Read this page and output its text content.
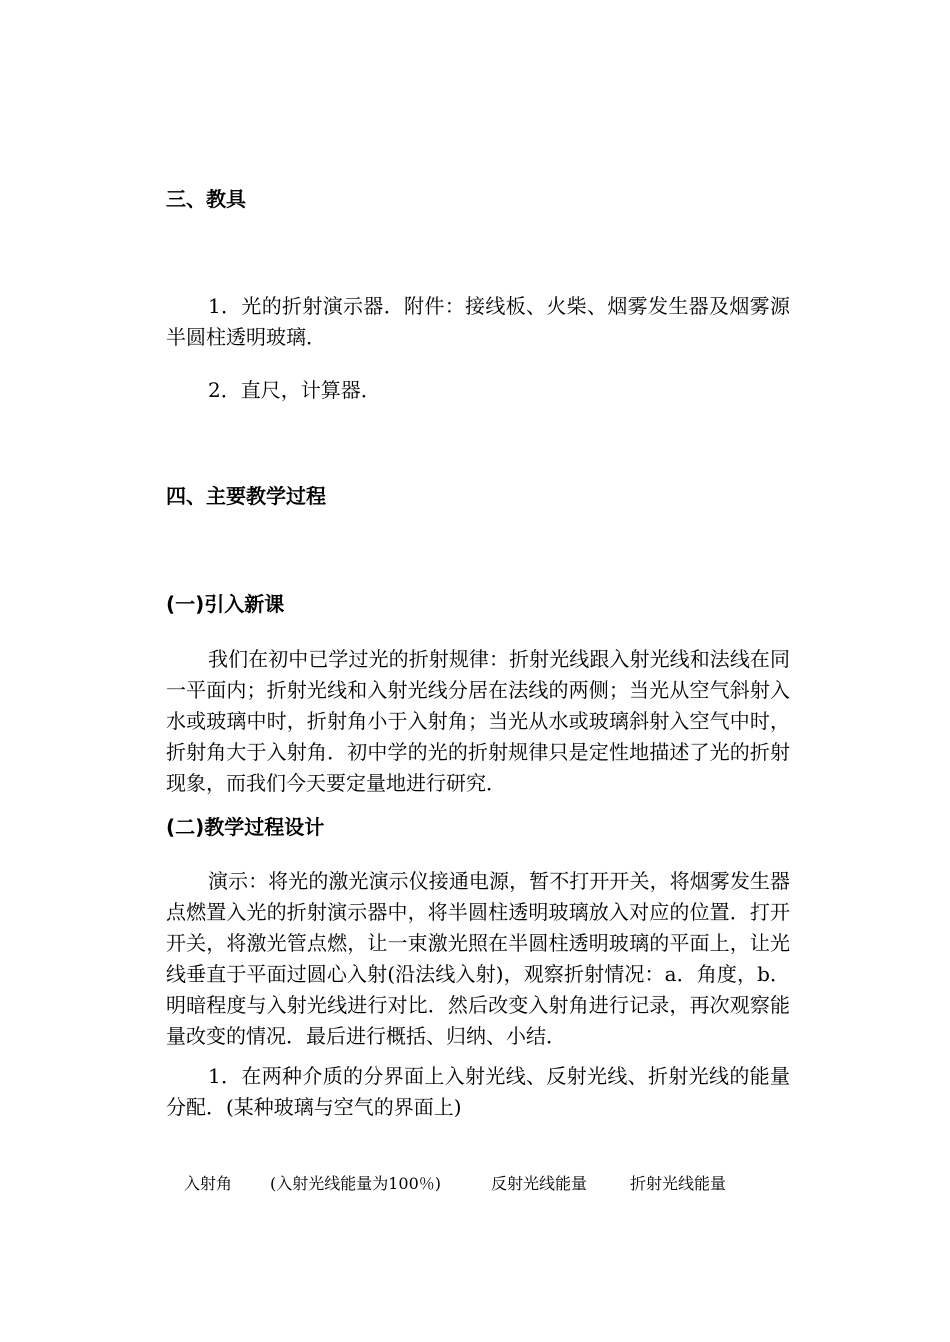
三、教具

1．光的折射演示器．附件：接线板、火柴、烟雾发生器及烟雾源半圆柱透明玻璃．

2．直尺，计算器．

四、主要教学过程
(一)引入新课

我们在初中已学过光的折射规律：折射光线跟入射光线和法线在同一平面内；折射光线和入射光线分居在法线的两侧；当光从空气斜射入水或玻璃中时，折射角小于入射角；当光从水或玻璃斜射入空气中时，折射角大于入射角．初中学的光的折射规律只是定性地描述了光的折射现象，而我们今天要定量地进行研究．

(二)教学过程设计

演示：将光的激光演示仪接通电源，暂不打开开关，将烟雾发生器点燃置入光的折射演示器中，将半圆柱透明玻璃放入对应的位置．打开开关，将激光管点燃，让一束激光照在半圆柱透明玻璃的平面上，让光线垂直于平面过圆心入射(沿法线入射)，观察折射情况：a．角度，b．明暗程度与入射光线进行对比．然后改变入射角进行记录，再次观察能量改变的情况．最后进行概括、归纳、小结．

1．在两种介质的分界面上入射光线、反射光线、折射光线的能量分配．(某种玻璃与空气的界面上)

入射角 (入射光线能量为100％)	反射光线能量	折射光线能量
